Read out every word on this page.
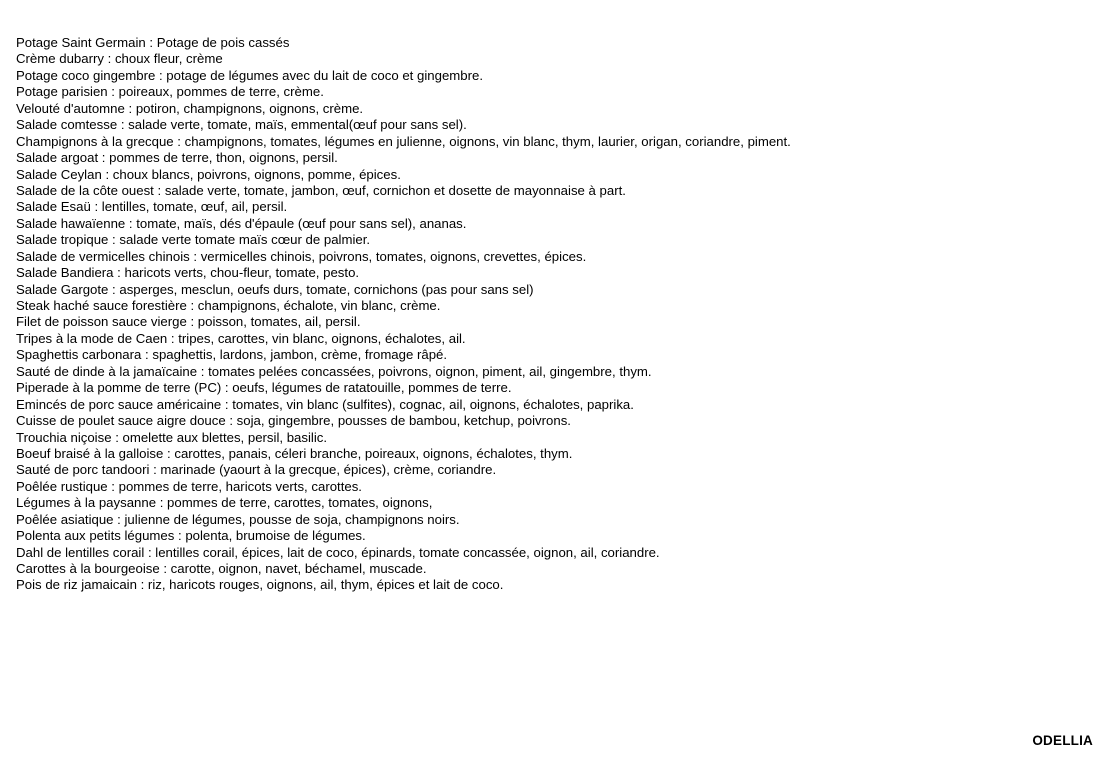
Potage Saint Germain : Potage de pois cassés
Crème dubarry : choux fleur, crème
Potage coco gingembre : potage de légumes avec du lait de coco et gingembre.
Potage parisien : poireaux, pommes de terre, crème.
Velouté d'automne : potiron, champignons, oignons, crème.
Salade comtesse : salade verte, tomate, maïs, emmental(œuf pour sans sel).
Champignons à la grecque : champignons, tomates, légumes en julienne, oignons, vin blanc, thym, laurier, origan, coriandre, piment.
Salade argoat : pommes de terre, thon, oignons, persil.
Salade Ceylan : choux blancs, poivrons, oignons, pomme, épices.
Salade de la côte ouest : salade verte, tomate, jambon, œuf, cornichon et dosette de mayonnaise à part.
Salade Esaü : lentilles, tomate, œuf, ail, persil.
Salade hawaïenne : tomate, maïs, dés d'épaule (œuf pour sans sel), ananas.
Salade tropique : salade verte tomate maïs cœur de palmier.
Salade de vermicelles chinois : vermicelles chinois, poivrons, tomates, oignons, crevettes, épices.
Salade Bandiera : haricots verts, chou-fleur, tomate, pesto.
Salade Gargote : asperges, mesclun, oeufs durs, tomate, cornichons (pas pour sans sel)
Steak haché sauce forestière : champignons, échalote, vin blanc, crème.
Filet de poisson sauce vierge : poisson, tomates, ail, persil.
Tripes à la mode de Caen : tripes, carottes, vin blanc, oignons, échalotes, ail.
Spaghettis carbonara : spaghettis, lardons, jambon, crème, fromage râpé.
Sauté de dinde à la jamaïcaine : tomates pelées concassées, poivrons, oignon, piment, ail, gingembre, thym.
Piperade à la pomme de terre (PC) : oeufs, légumes de ratatouille, pommes de terre.
Emincés de porc sauce américaine : tomates, vin blanc (sulfites), cognac, ail, oignons, échalotes, paprika.
Cuisse de poulet sauce aigre douce : soja, gingembre, pousses de bambou, ketchup, poivrons.
Trouchia niçoise : omelette aux blettes, persil, basilic.
Boeuf braisé à la galloise : carottes, panais, céleri branche, poireaux, oignons, échalotes, thym.
Sauté de porc tandoori : marinade (yaourt à la grecque, épices), crème, coriandre.
Poêlée rustique : pommes de terre, haricots verts, carottes.
Légumes à la paysanne : pommes de terre, carottes, tomates, oignons,
Poêlée asiatique : julienne de légumes, pousse de soja, champignons noirs.
Polenta aux petits légumes : polenta, brumoise de légumes.
Dahl de lentilles corail : lentilles corail, épices, lait de coco, épinards, tomate concassée, oignon, ail, coriandre.
Carottes à la bourgeoise : carotte, oignon, navet, béchamel, muscade.
Pois de riz jamaicain : riz, haricots rouges, oignons, ail, thym, épices et lait de coco.
ODELLIA
